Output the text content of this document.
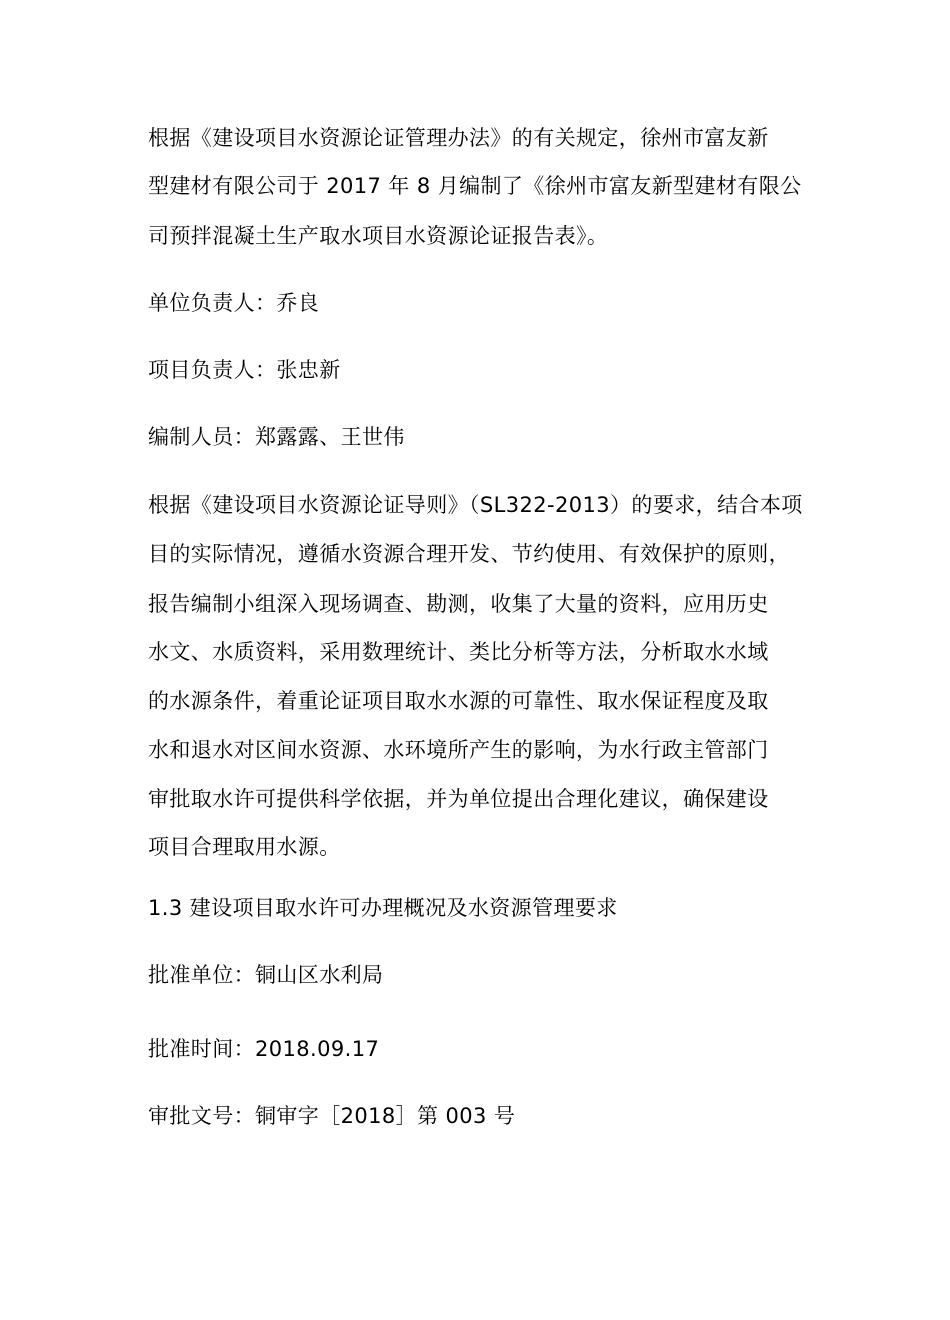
根据《建设项目水资源论证管理办法》的有关规定，徐州市富友新
型建材有限公司于 2017 年 8 月编制了《徐州市富友新型建材有限公
司预拌混凝土生产取水项目水资源论证报告表》。
单位负责人：乔良
项目负责人：张忠新
编制人员：郑露露、王世伟
根据《建设项目水资源论证导则》（SL322-2013）的要求，结合本项
目的实际情况，遵循水资源合理开发、节约使用、有效保护的原则，
报告编制小组深入现场调查、勘测，收集了大量的资料，应用历史
水文、水质资料，采用数理统计、类比分析等方法，分析取水水域
的水源条件，着重论证项目取水水源的可靠性、取水保证程度及取
水和退水对区间水资源、水环境所产生的影响，为水行政主管部门
审批取水许可提供科学依据，并为单位提出合理化建议，确保建设
项目合理取用水源。
1.3 建设项目取水许可办理概况及水资源管理要求
批准单位：铜山区水利局
批准时间：2018.09.17
审批文号：铜审字［2018］第 003 号
